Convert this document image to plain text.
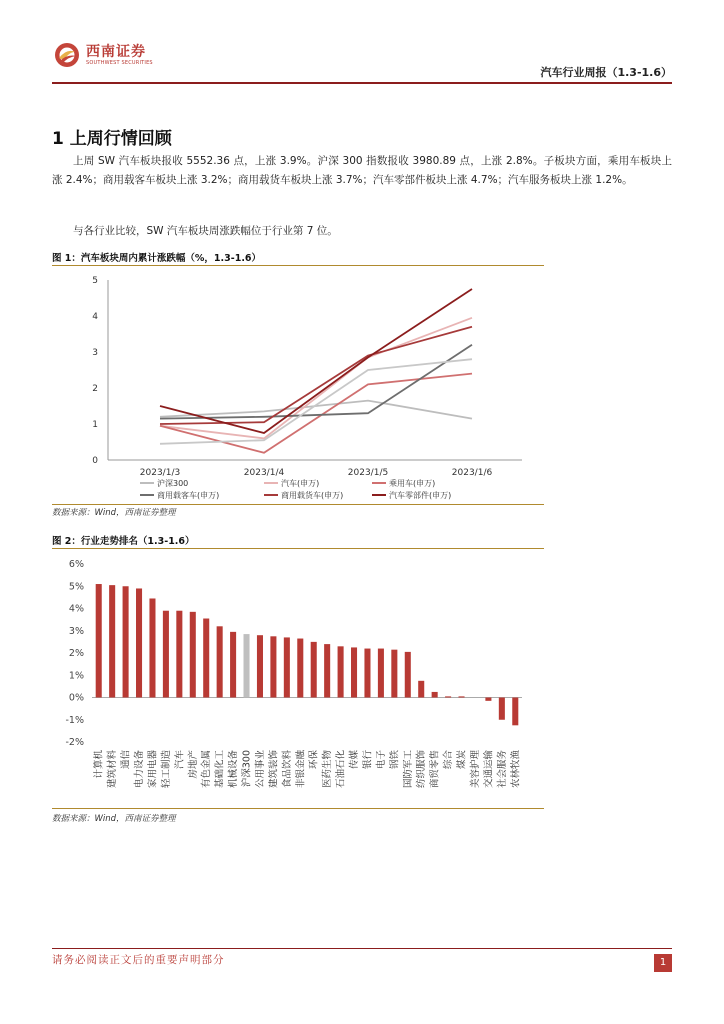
西南证券
SOUTHWEST SECURITIES
汽车行业周报（1.3-1.6）
1 上周行情回顾
上周 SW 汽车板块报收 5552.36 点，上涨 3.9%。沪深 300 指数报收 3980.89 点，上涨 2.8%。子板块方面，乘用车板块上涨 2.4%；商用载客车板块上涨 3.2%；商用载货车板块上涨 3.7%；汽车零部件板块上涨 4.7%；汽车服务板块上涨 1.2%。
与各行业比较，SW 汽车板块周涨跌幅位于行业第 7 位。
图 1：汽车板块周内累计涨跌幅（%，1.3-1.6）
0
1
2
3
4
5
2023/1/3	2023/1/4	2023/1/5	2023/1/6
沪深300	汽车(申万)	乘用车(申万)
商用载客车(申万)	商用载货车(申万)	汽车零部件(申万)
数据来源：Wind，西南证券整理
图 2：行业走势排名（1.3-1.6）
6%
5%
4%
3%
2%
1%
0%
-1%
-2%
计算机 建筑材料 通信 电力设备 家用电器 轻工制造 汽车 房地产 有色金属 基础化工 机械设备 沪深300 公用事业 建筑装饰 食品饮料 非银金融 环保 医药生物 石油石化 传媒 银行 电子 钢铁 国防军工 纺织服饰 商贸零售 综合 煤炭 美容护理 交通运输 社会服务 农林牧渔
数据来源：Wind，西南证券整理
请务必阅读正文后的重要声明部分	1
